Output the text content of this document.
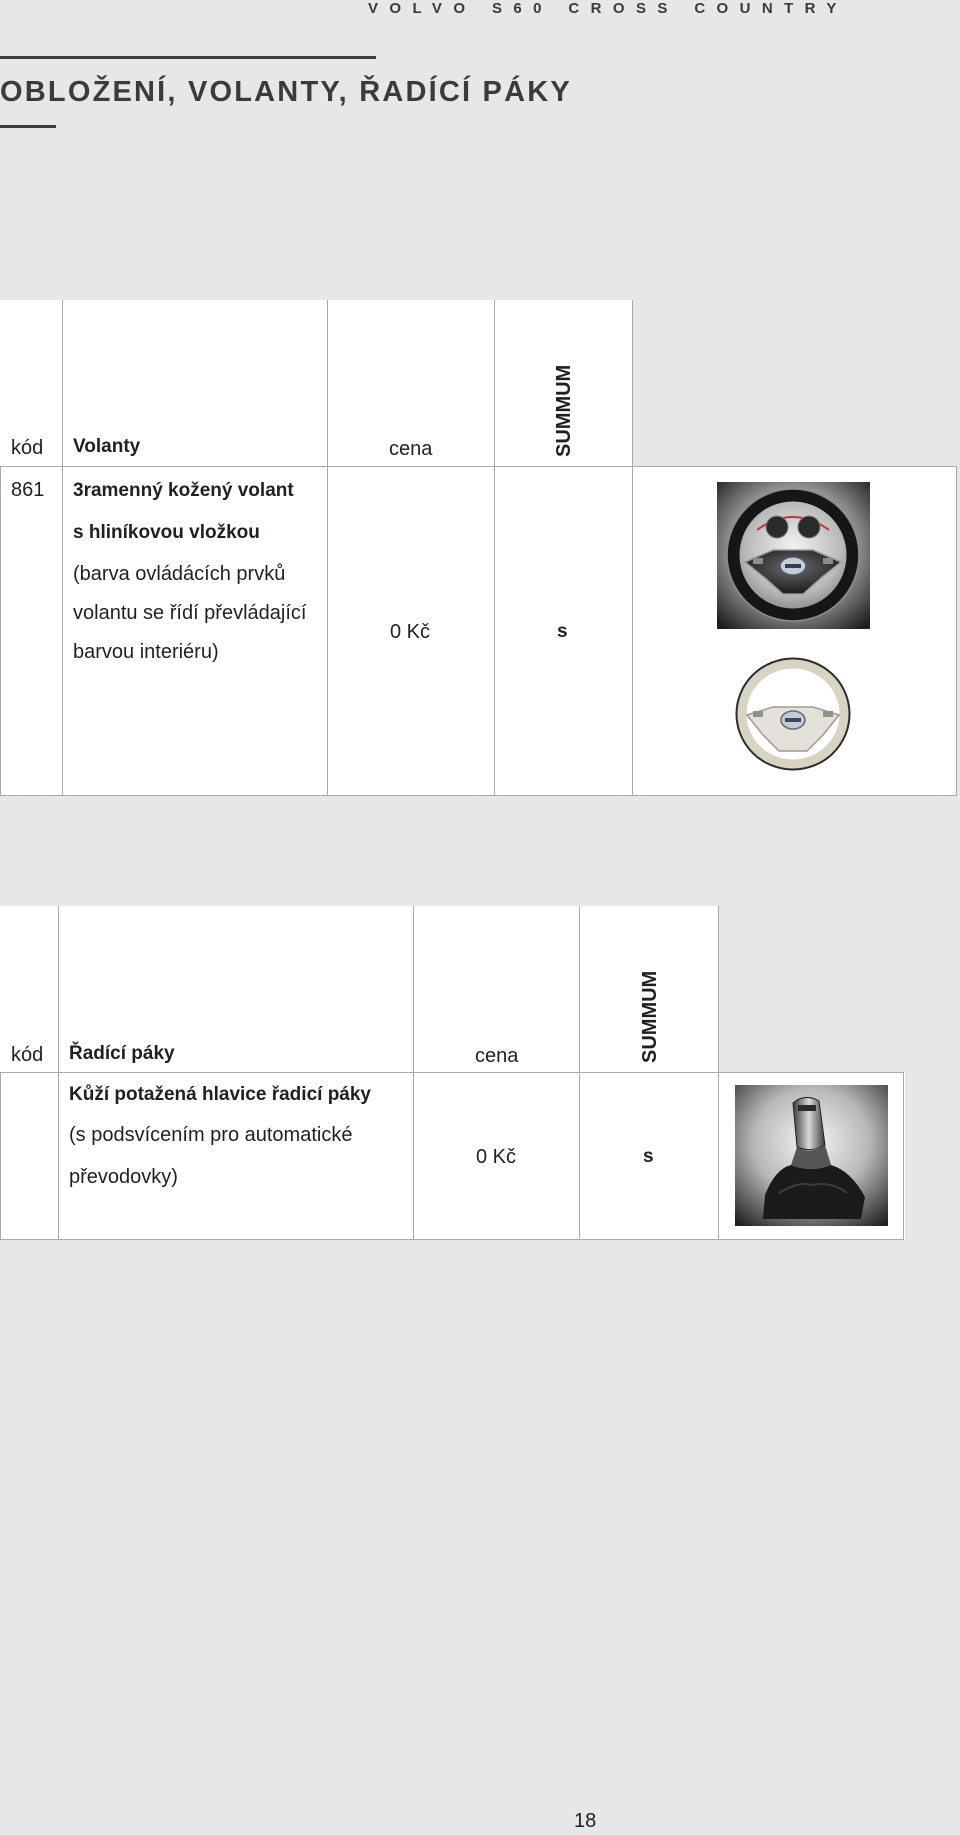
VOLVO S60 CROSS COUNTRY
OBLOŽENÍ, VOLANTY, ŘADÍCÍ PÁKY
kód Volanty	cena	SUMMUM
861 3ramenný kožený volant
s hliníkovou vložkou
(barva ovládácích prvků
volantu se řídí převládající
barvou interiéru)
0 Kč	s
kód Řadící páky	cena	SUMMUM
Kůží potažená hlavice řadicí páky
(s podsvícením pro automatické
převodovky)
0 Kč	s
18
